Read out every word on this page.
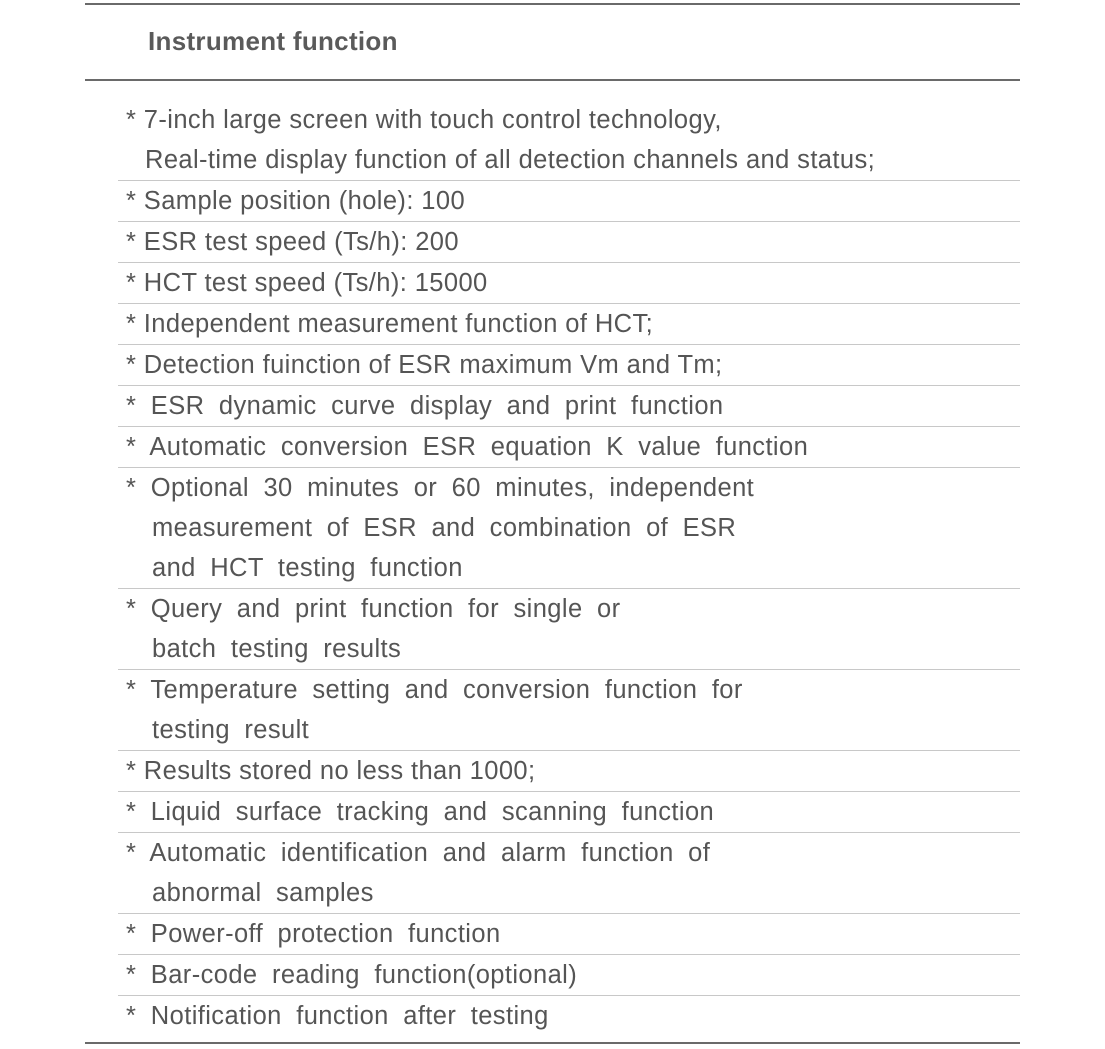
Instrument function
* 7-inch large screen with touch control technology,
Real-time display function of all detection channels and status;
* Sample position (hole): 100
* ESR test speed (Ts/h): 200
* HCT test speed (Ts/h): 15000
* Independent measurement function of HCT;
* Detection fuinction of ESR maximum Vm and Tm;
* ESR dynamic curve display and print function
* Automatic conversion ESR equation K value function
* Optional 30 minutes or 60 minutes, independent
measurement of ESR and combination of ESR
and HCT testing function
* Query and print function for single or
batch testing results
* Temperature setting and conversion function for
testing result
* Results stored no less than 1000;
* Liquid surface tracking and scanning function
* Automatic identification and alarm function of
abnormal samples
* Power-off protection function
* Bar-code reading function(optional)
* Notification function after testing
